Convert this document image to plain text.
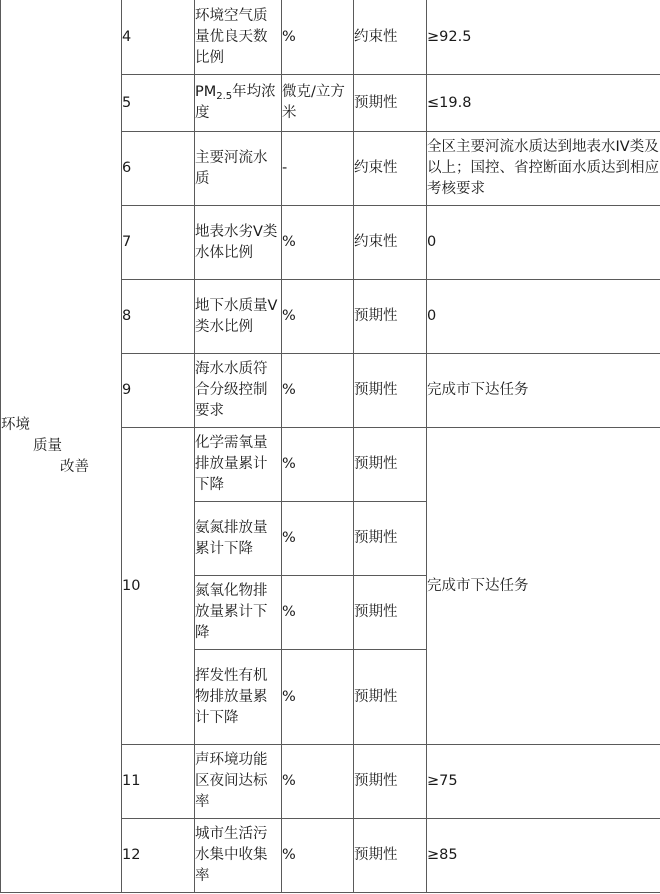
环境
质量
改善	4	环境空气质量优良天数比例	%	约束性	≥92.5
	5	$PM_{2.5}$年均浓度	微克/立方米	预期性	≤19.8
	6	主要河流水质	-	约束性	全区主要河流水质达到地表水IV类及以上；国控、省控断面水质达到相应考核要求
	7	地表水劣V类水体比例	%	约束性	0
	8	地下水质量V类水比例	%	预期性	0
	9	海水水质符合分级控制要求	%	预期性	完成市下达任务
	10	化学需氧量排放量累计下降	%	预期性	完成市下达任务
		氨氮排放量累计下降	%	预期性	
		氮氧化物排放量累计下降	%	预期性	
		挥发性有机物排放量累计下降	%	预期性	
	11	声环境功能区夜间达标率	%	预期性	≥75
	12	城市生活污水集中收集率	%	预期性	≥85
